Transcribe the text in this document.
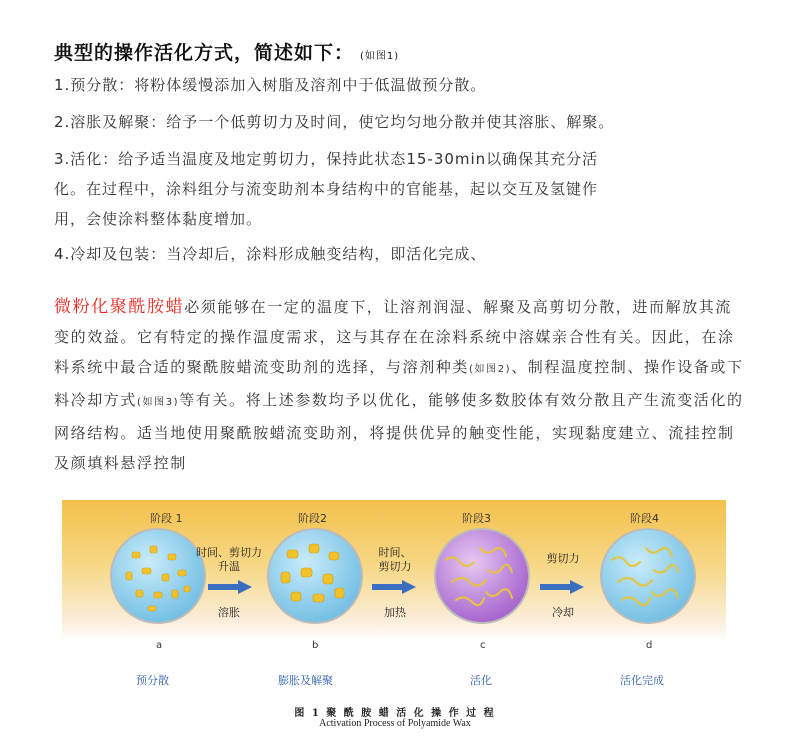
典型的操作活化方式，简述如下： (如图1)
1.预分散：将粉体缓慢添加入树脂及溶剂中于低温做预分散。
2.溶胀及解聚：给予一个低剪切力及时间，使它均匀地分散并使其溶胀、解聚。
3.活化：给予适当温度及地定剪切力，保持此状态15-30min以确保其充分活
化。在过程中，涂料组分与流变助剂本身结构中的官能基，起以交互及氢键作
用，会使涂料整体黏度增加。
4.冷却及包装：当冷却后，涂料形成触变结构，即活化完成、
微粉化聚酰胺蜡必须能够在一定的温度下，让溶剂润湿、解聚及高剪切分散，进而解放其流变的效益。它有特定的操作温度需求，这与其存在在涂料系统中溶媒亲合性有关。因此，在涂料系统中最合适的聚酰胺蜡流变助剂的选择，与溶剂种类(如图2)、制程温度控制、操作设备或下料冷却方式(如图3)等有关。将上述参数均予以优化，能够使多数胶体有效分散且产生流变活化的网络结构。适当地使用聚酰胺蜡流变助剂，将提供优异的触变性能，实现黏度建立、流挂控制及颜填料悬浮控制
阶段 1	阶段2	阶段3	阶段4
时间、剪切力
升温
溶胀
时间、
剪切力
加热
剪切力
冷却
a	b	c	d
预分散	膨胀及解聚	活化	活化完成
图 1 聚 酰 胺 蜡 活 化 操 作 过 程
Activation Process of Polyamide Wax
